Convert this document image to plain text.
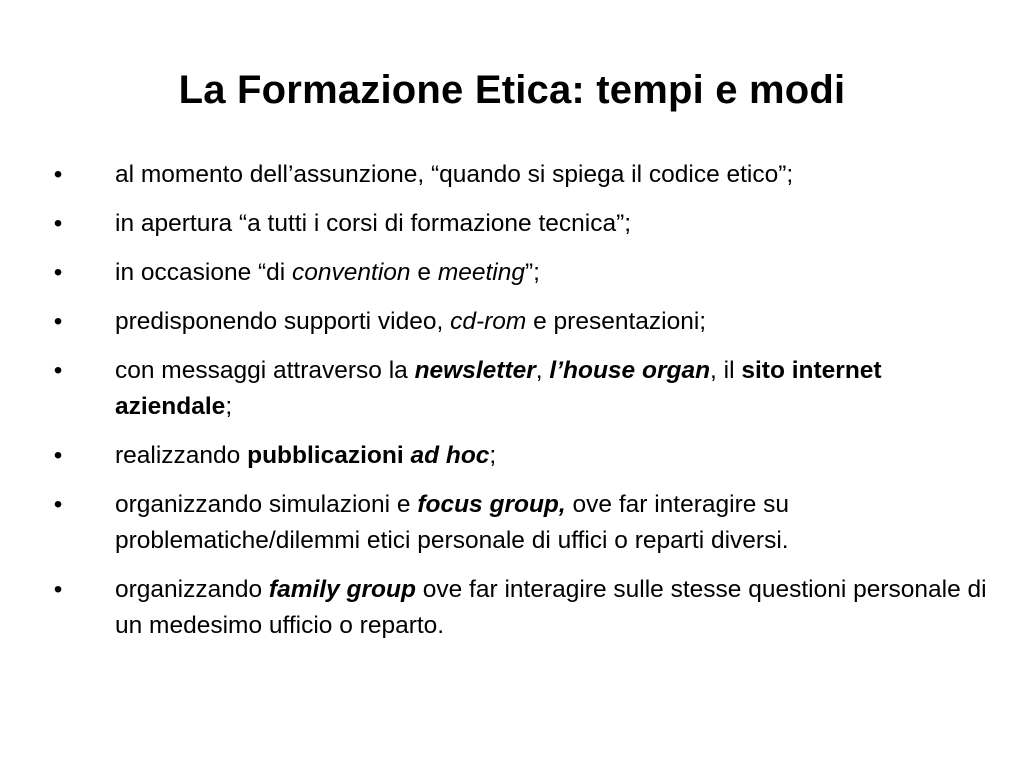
La Formazione Etica: tempi e modi
• al momento dell’assunzione, “quando si spiega il codice etico”;
• in apertura “a tutti i corsi di formazione tecnica”;
• in occasione “di convention e meeting”;
• predisponendo supporti video, cd-rom e presentazioni;
• con messaggi attraverso la newsletter, l’house organ, il sito internet aziendale;
• realizzando pubblicazioni ad hoc;
• organizzando simulazioni e focus group, ove far interagire su problematiche/dilemmi etici personale di uffici o reparti diversi.
• organizzando family group ove far interagire sulle stesse questioni personale di un medesimo ufficio o reparto.
